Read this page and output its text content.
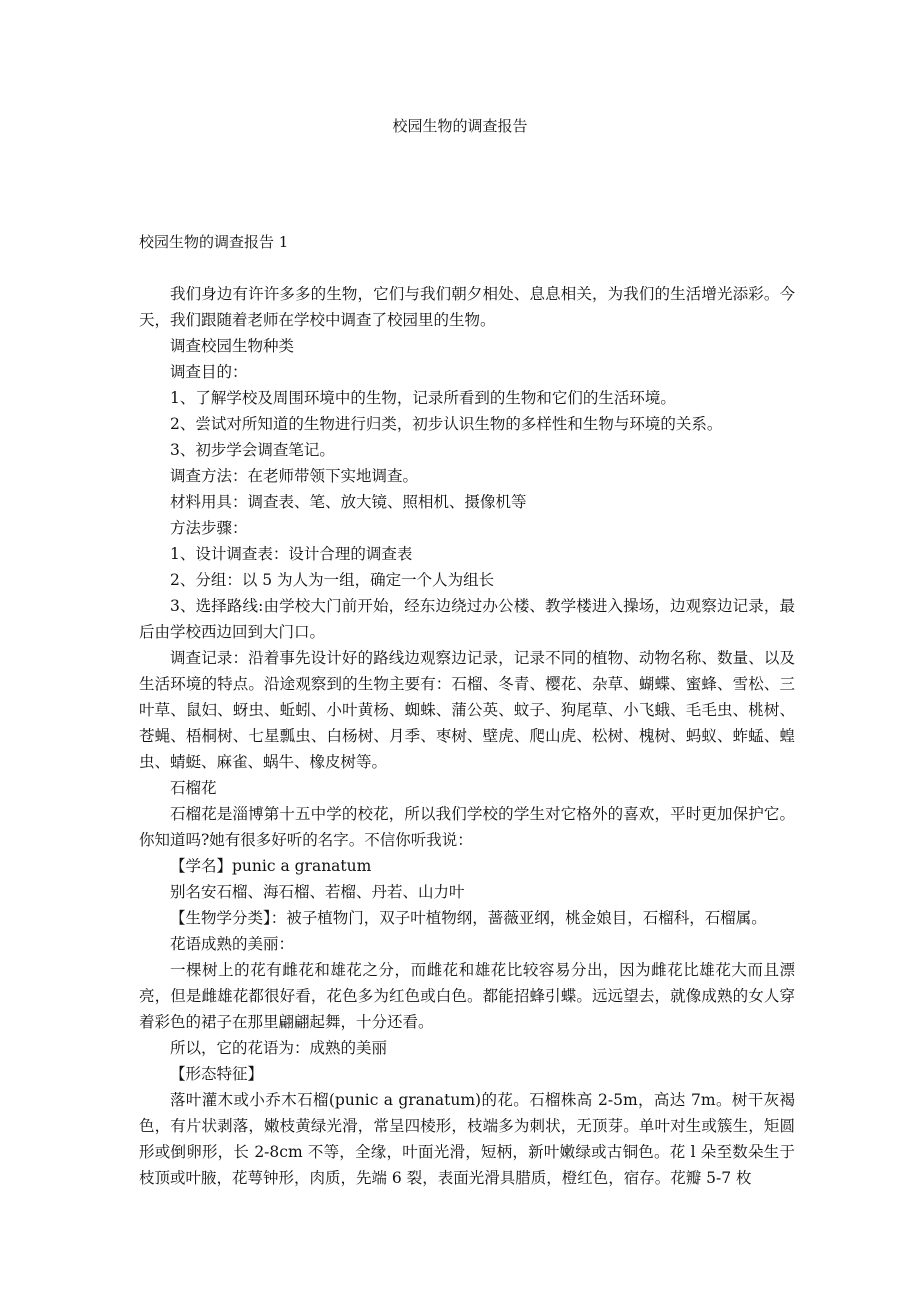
校园生物的调查报告
校园生物的调查报告 1

我们身边有许许多多的生物，它们与我们朝夕相处、息息相关，为我们的生活增光添彩。今天，我们跟随着老师在学校中调查了校园里的生物。

调查校园生物种类

调查目的：

1、了解学校及周围环境中的生物，记录所看到的生物和它们的生活环境。

2、尝试对所知道的生物进行归类，初步认识生物的多样性和生物与环境的关系。

3、初步学会调查笔记。

调查方法：在老师带领下实地调查。

材料用具：调查表、笔、放大镜、照相机、摄像机等

方法步骤：

1、设计调查表：设计合理的调查表

2、分组：以 5 为人为一组，确定一个人为组长

3、选择路线:由学校大门前开始，经东边绕过办公楼、教学楼进入操场，边观察边记录，最后由学校西边回到大门口。

调查记录：沿着事先设计好的路线边观察边记录，记录不同的植物、动物名称、数量、以及生活环境的特点。沿途观察到的生物主要有：石榴、冬青、樱花、杂草、蝴蝶、蜜蜂、雪松、三叶草、鼠妇、蚜虫、蚯蚓、小叶黄杨、蜘蛛、蒲公英、蚊子、狗尾草、小飞蛾、毛毛虫、桃树、苍蝇、梧桐树、七星瓢虫、白杨树、月季、枣树、壁虎、爬山虎、松树、槐树、蚂蚁、蚱蜢、蝗虫、蜻蜓、麻雀、蜗牛、橡皮树等。

石榴花

石榴花是淄博第十五中学的校花，所以我们学校的学生对它格外的喜欢，平时更加保护它。你知道吗?她有很多好听的名字。不信你听我说：

【学名】punic a granatum

别名安石榴、海石榴、若榴、丹若、山力叶

【生物学分类】：被子植物门，双子叶植物纲，蔷薇亚纲，桃金娘目，石榴科，石榴属。

花语成熟的美丽：

一棵树上的花有雌花和雄花之分，而雌花和雄花比较容易分出，因为雌花比雄花大而且漂亮，但是雌雄花都很好看，花色多为红色或白色。都能招蜂引蝶。远远望去，就像成熟的女人穿着彩色的裙子在那里翩翩起舞，十分还看。

所以，它的花语为：成熟的美丽

【形态特征】

落叶灌木或小乔木石榴(punic a granatum)的花。石榴株高 2-5m，高达 7m。树干灰褐色，有片状剥落，嫩枝黄绿光滑，常呈四棱形，枝端多为刺状，无顶芽。单叶对生或簇生，矩圆形或倒卵形，长 2-8cm 不等，全缘，叶面光滑，短柄，新叶嫩绿或古铜色。花 l 朵至数朵生于枝顶或叶腋，花萼钟形，肉质，先端 6 裂，表面光滑具腊质，橙红色，宿存。花瓣 5-7 枚
